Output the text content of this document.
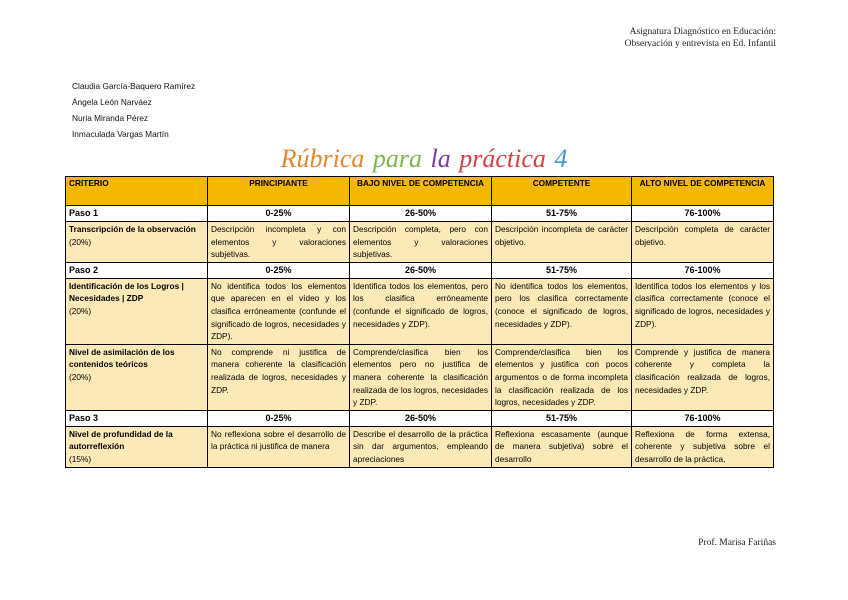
Asignatura Diagnóstico en Educación:
Observación y entrevista en Ed. Infantil
Claudia García-Baquero Ramírez
Ángela León Narváez
Nuria Miranda Pérez
Inmaculada Vargas Martín
Rúbrica para la práctica 4
CRITERIO	PRINCIPIANTE	BAJO NIVEL DE COMPETENCIA	COMPETENTE	ALTO NIVEL DE COMPETENCIA
Paso 1	0-25%	26-50%	51-75%	76-100%
Transcripción de la observación
(20%)	Descripción incompleta y con elementos y valoraciones subjetivas.	Descripción completa, pero con elementos y valoraciones subjetivas.	Descripción incompleta de carácter objetivo.	Descripción completa de carácter objetivo.
Paso 2	0-25%	26-50%	51-75%	76-100%
Identificación de los Logros | Necesidades | ZDP
(20%)	No identifica todos los elementos que aparecen en el vídeo y los clasifica erróneamente (confunde el significado de logros, necesidades y ZDP).	Identifica todos los elementos, pero los clasifica erróneamente (confunde el significado de logros, necesidades y ZDP).	No identifica todos los elementos, pero los clasifica correctamente (conoce el significado de logros, necesidades y ZDP).	Identifica todos los elementos y los clasifica correctamente (conoce el significado de logros, necesidades y ZDP).
Nivel de asimilación de los contenidos teóricos
(20%)	No comprende ni justifica de manera coherente la clasificación realizada de logros, necesidades y ZDP.	Comprende/clasifica bien los elementos pero no justifica de manera coherente la clasificación realizada de los logros, necesidades y ZDP.	Comprende/clasifica bien los elementos y justifica con pocos argumentos o de forma incompleta la clasificación realizada de los logros, necesidades y ZDP.	Comprende y justifica de manera coherente y completa la clasificación realizada de logros, necesidades y ZDP.
Paso 3	0-25%	26-50%	51-75%	76-100%
Nivel de profundidad de la autorreflexión
(15%)	No reflexiona sobre el desarrollo de la práctica ni justifica de manera	Describe el desarrollo de la práctica sin dar argumentos, empleando apreciaciones	Reflexiona escasamente (aunque de manera subjetiva) sobre el desarrollo	Reflexiona de forma extensa, coherente y subjetiva sobre el desarrollo de la práctica,
Prof. Marisa Fariñas
